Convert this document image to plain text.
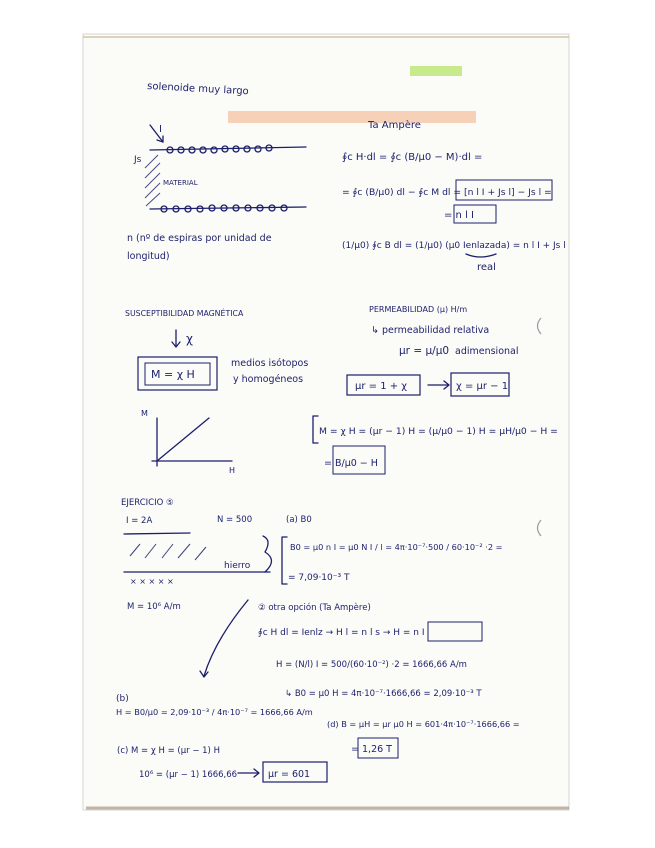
solenoide muy largo
Ta Ampère
I
Js
MATERIAL
∮c H·dl = ∮c (B/μ0 − M)·dl =
= ∮c (B/μ0) dl − ∮c M dl = [n l I + Js l] − Js l =
= n l I
(1/μ0) ∮c B dl = (1/μ0) (μ0 Ienlazada) = n l I + Js l
real
n (nº de espiras por unidad de
longitud)
SUSCEPTIBILIDAD MAGNÉTICA
χ
M = χ H
medios isótopos
y homogéneos
M
H
PERMEABILIDAD (μ) H/m
↳ permeabilidad relativa
μr = μ/μ0 adimensional
μr = 1 + χ	χ = μr − 1
M = χ H = (μr − 1) H = (μ/μ0 − 1) H = μH/μ0 − H =
= B/μ0 − H
EJERCICIO ⑤
I = 2A	N = 500
× × × × ×
hierro
M = 10⁶ A/m
(a) B0
B0 = μ0 n I = μ0 N I / l = 4π·10⁻⁷·500 / 60·10⁻² ·2 =
= 7,09·10⁻³ T
② otra opción (Ta Ampère)
∮c H dl = Ienlz → H l = n l s → H = n I
H = (N/l) I = 500/(60·10⁻²) ·2 = 1666,66 A/m
↳ B0 = μ0 H = 4π·10⁻⁷·1666,66 = 2,09·10⁻³ T
(b)
H = B0/μ0 = 2,09·10⁻³ / 4π·10⁻⁷ = 1666,66 A/m
(d) B = μH = μr μ0 H = 601·4π·10⁻⁷·1666,66 =
= 1,26 T
(c) M = χ H = (μr − 1) H
10⁶ = (μr − 1) 1666,66	μr = 601
